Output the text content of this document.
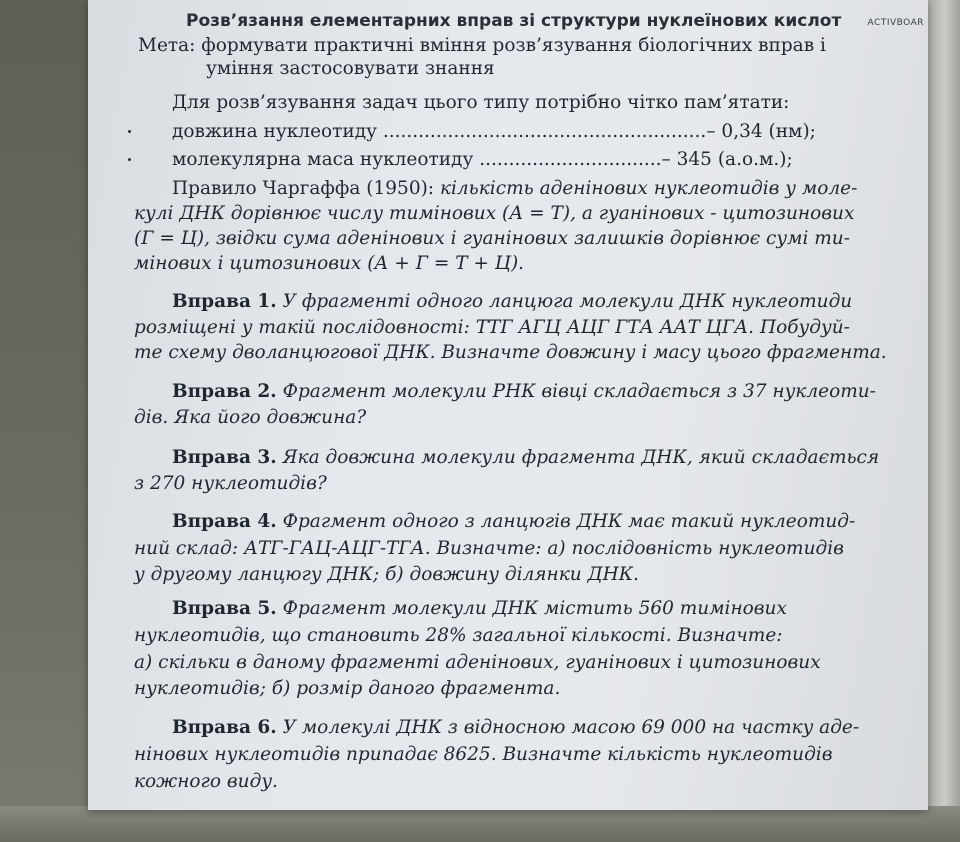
ACTIVBOAR
Розв’язання елементарних вправ зі структури нуклеїнових кислот
Мета: формувати практичні вміння розв’язування біологічних вправ і
уміння застосовувати знання
Для розв’язування задач цього типу потрібно чітко пам’ятати:
довжина нуклеотиду .......................................................– 0,34 (нм);
молекулярна маса нуклеотиду ...............................– 345 (а.о.м.);
Правило Чаргаффа (1950): кількість аденінових нуклеотидів у моле-
кулі ДНК дорівнює числу тимінових (А = Т), а гуанінових - цитозинових
(Г = Ц), звідки сума аденінових і гуанінових залишків дорівнює сумі ти-
мінових і цитозинових (А + Г = Т + Ц).
Вправа 1. У фрагменті одного ланцюга молекули ДНК нуклеотиди
розміщені у такій послідовності: ТТГ АГЦ АЦГ ГТА ААТ ЦГА. Побудуй-
те схему дволанцюгової ДНК. Визначте довжину і масу цього фрагмента.
Вправа 2. Фрагмент молекули РНК вівці складається з 37 нуклеоти-
дів. Яка його довжина?
Вправа 3. Яка довжина молекули фрагмента ДНК, який складається
з 270 нуклеотидів?
Вправа 4. Фрагмент одного з ланцюгів ДНК має такий нуклеотид-
ний склад: АТГ-ГАЦ-АЦГ-ТГА. Визначте: а) послідовність нуклеотидів
у другому ланцюгу ДНК; б) довжину ділянки ДНК.
Вправа 5. Фрагмент молекули ДНК містить 560 тимінових
нуклеотидів, що становить 28% загальної кількості. Визначте:
а) скільки в даному фрагменті аденінових, гуанінових і цитозинових
нуклеотидів; б) розмір даного фрагмента.
Вправа 6. У молекулі ДНК з відносною масою 69 000 на частку аде-
нінових нуклеотидів припадає 8625. Визначте кількість нуклеотидів
кожного виду.
